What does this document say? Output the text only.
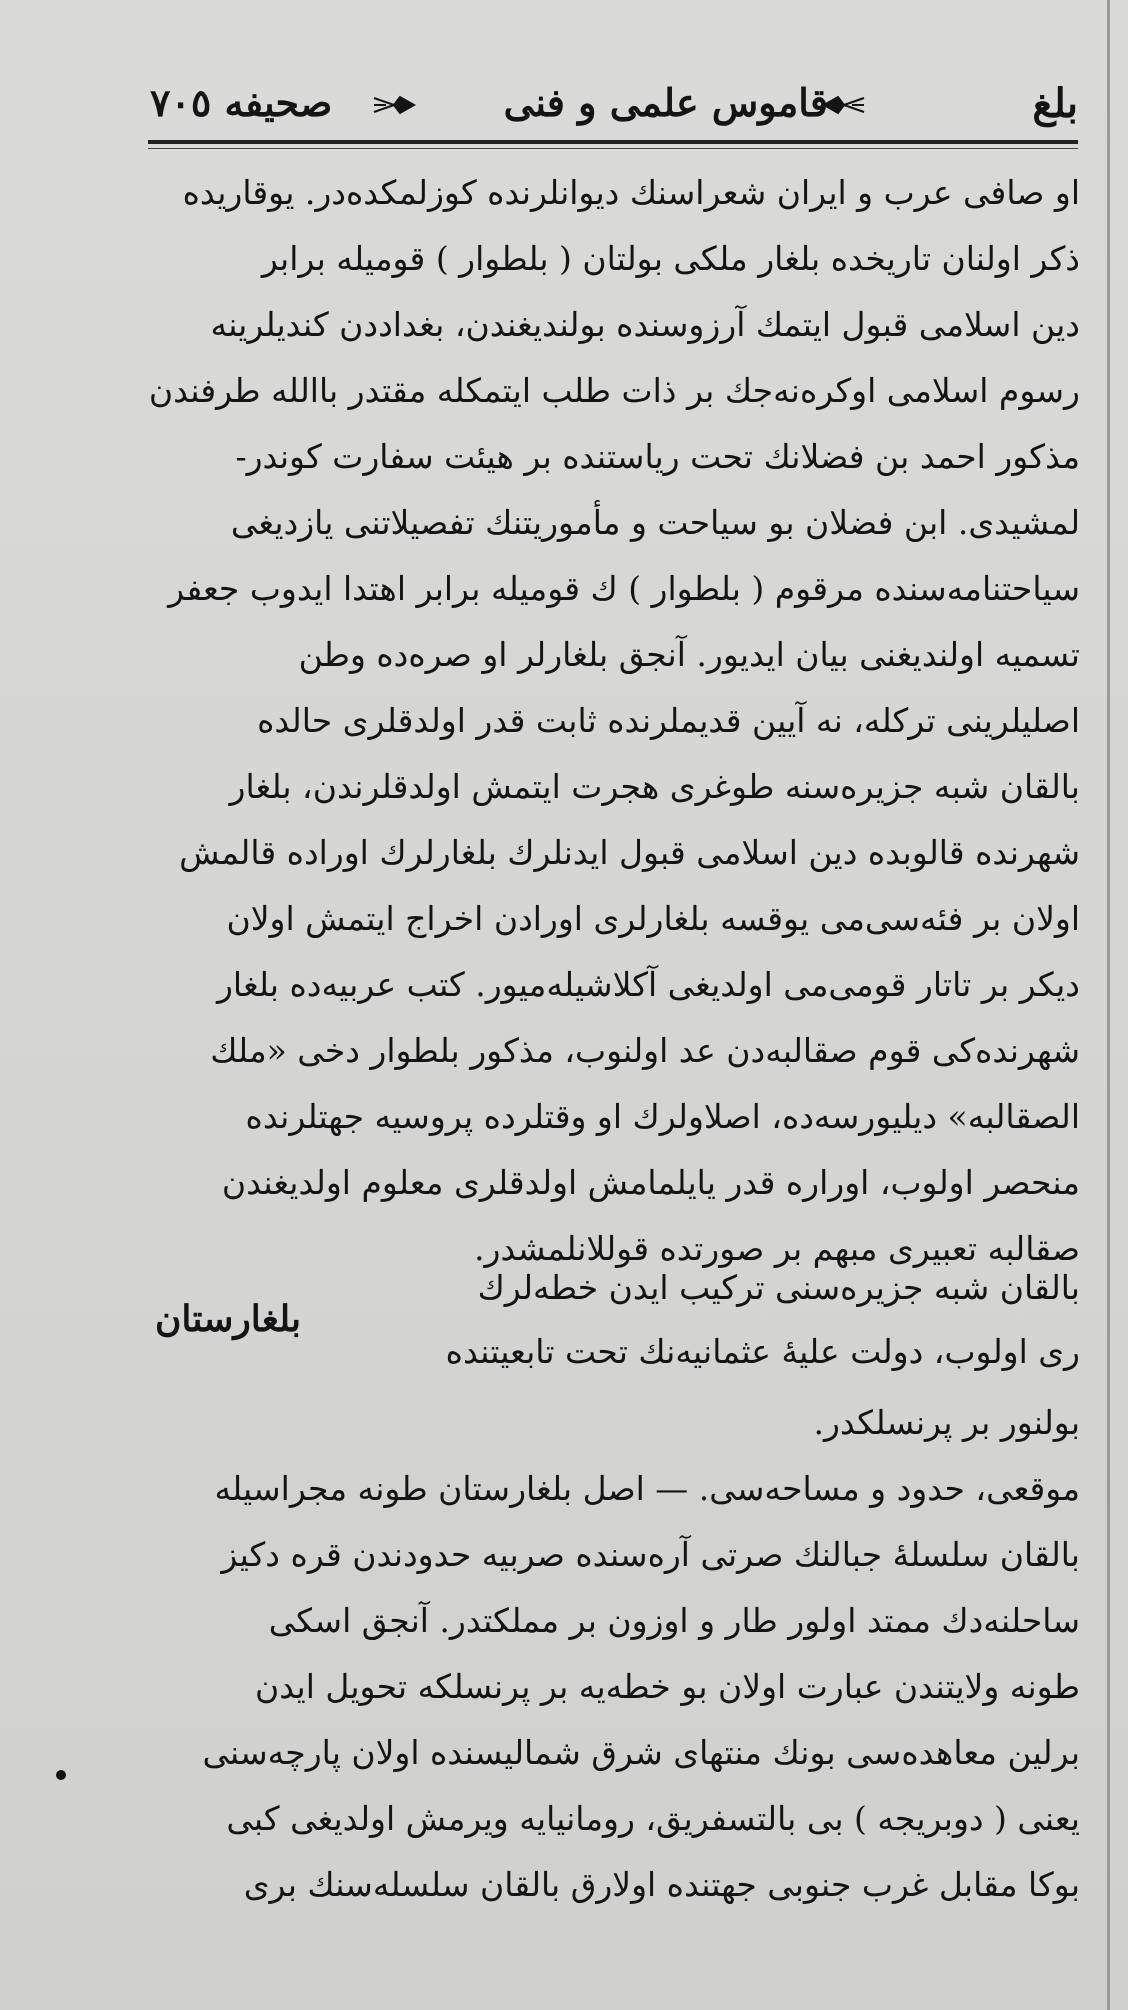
بلغ
قاموس علمی و فنی
صحیفه ٧٠٥
او صافی عرب و ایران شعراسنك دیوانلرنده کوزلمکده‌در. یوقاریده
ذکر اولنان تاریخده بلغار ملکی بولتان ( بلطوار ) قومیله برابر
دین اسلامی قبول ایتمك آرزوسنده بولندیغندن، بغداددن کندیلرینه
رسوم اسلامی اوکره‌نه‌جك بر ذات طلب ایتمکله مقتدر باالله طرفندن
مذکور احمد بن فضلانك تحت ریاستنده بر هیئت سفارت کوندر-
لمشیدی. ابن فضلان بو سیاحت و مأموریتنك تفصیلاتنی یازدیغی
سیاحتنامه‌سنده مرقوم ( بلطوار ) ك قومیله برابر اهتدا ایدوب جعفر
تسمیه اولندیغنی بیان ایدیور. آنجق بلغارلر او صره‌ده وطن
اصلیلرینی ترکله، نه آیین قدیملرنده ثابت قدر اولدقلری حالده
بالقان شبه جزیره‌سنه طوغری هجرت ایتمش اولدقلرندن، بلغار
شهرنده قالوبده دین اسلامی قبول ایدنلرك بلغارلرك اوراده قالمش
اولان بر فئه‌سی‌می یوقسه بلغارلری اورادن اخراج ایتمش اولان
دیکر بر تاتار قومی‌می اولدیغی آکلاشیله‌میور. کتب عربیه‌ده بلغار
شهرنده‌کی قوم صقالبه‌دن عد اولنوب، مذکور بلطوار دخی «ملك
الصقالبه» دیلیورسه‌ده، اصلاولرك او وقتلرده پروسیه جهتلرنده
منحصر اولوب، اوراره قدر یایلمامش اولدقلری معلوم اولدیغندن
صقالبه تعبیری مبهم بر صورتده قوللانلمشدر.
بلغارستان
بالقان شبه جزیره‌سنی ترکیب ایدن خطه‌لرك
ری اولوب، دولت علیهٔ عثمانیه‌نك تحت تابعیتنده
بولنور بر پرنسلکدر.
موقعی، حدود و مساحه‌سی. — اصل بلغارستان طونه مجراسیله
بالقان سلسلهٔ جبالنك صرتی آره‌سنده صربیه حدودندن قره دکیز
ساحلنه‌دك ممتد اولور طار و اوزون بر مملکتدر. آنجق اسکی
طونه ولایتندن عبارت اولان بو خطه‌یه بر پرنسلکه تحویل ایدن
برلین معاهده‌سی بونك منتهای شرق شمالیسنده اولان پارچه‌سنی
یعنی ( دوبریجه ) بی بالتسفریق، رومانیایه ویرمش اولدیغی کبی
بوکا مقابل غرب جنوبی جهتنده اولارق بالقان سلسله‌سنك بری
